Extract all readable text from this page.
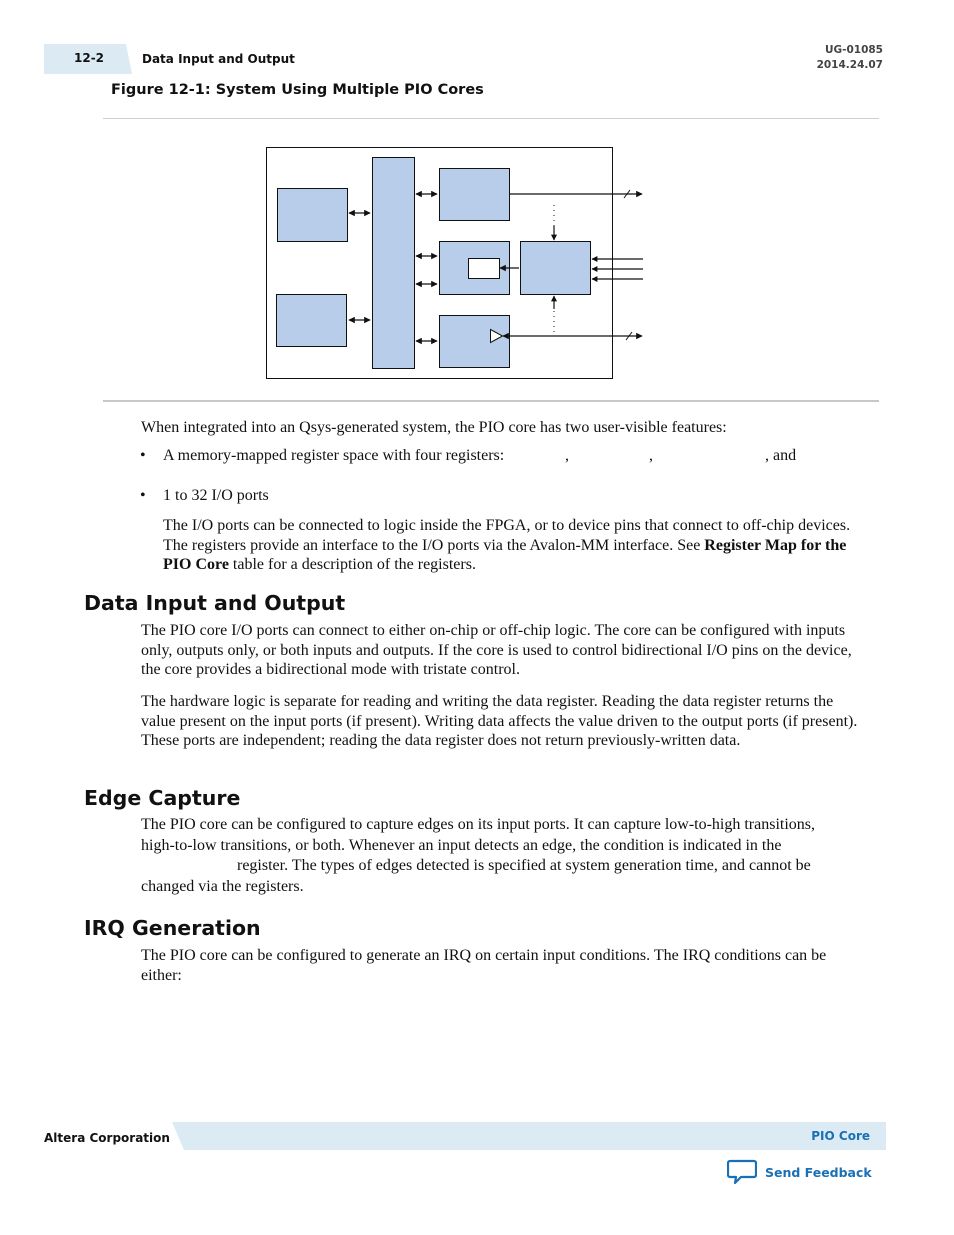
12-2	Data Input and Output
UG-01085
2014.24.07
Figure 12-1: System Using Multiple PIO Cores
When integrated into an Qsys-generated system, the PIO core has two user-visible features:
• A memory-mapped register space with four registers:	,	,	, and
• 1 to 32 I/O ports
The I/O ports can be connected to logic inside the FPGA, or to device pins that connect to off-chip devices. The registers provide an interface to the I/O ports via the Avalon-MM interface. See Register Map for the PIO Core table for a description of the registers.
Data Input and Output
The PIO core I/O ports can connect to either on-chip or off-chip logic. The core can be configured with inputs only, outputs only, or both inputs and outputs. If the core is used to control bidirectional I/O pins on the device, the core provides a bidirectional mode with tristate control.
The hardware logic is separate for reading and writing the data register. Reading the data register returns the value present on the input ports (if present). Writing data affects the value driven to the output ports (if present). These ports are independent; reading the data register does not return previously-written data.
Edge Capture
The PIO core can be configured to capture edges on its input ports. It can capture low-to-high transitions,
high-to-low transitions, or both. Whenever an input detects an edge, the condition is indicated in the
register. The types of edges detected is specified at system generation time, and cannot be
changed via the registers.
IRQ Generation
The PIO core can be configured to generate an IRQ on certain input conditions. The IRQ conditions can be either:
Altera Corporation	PIO Core
Send Feedback
